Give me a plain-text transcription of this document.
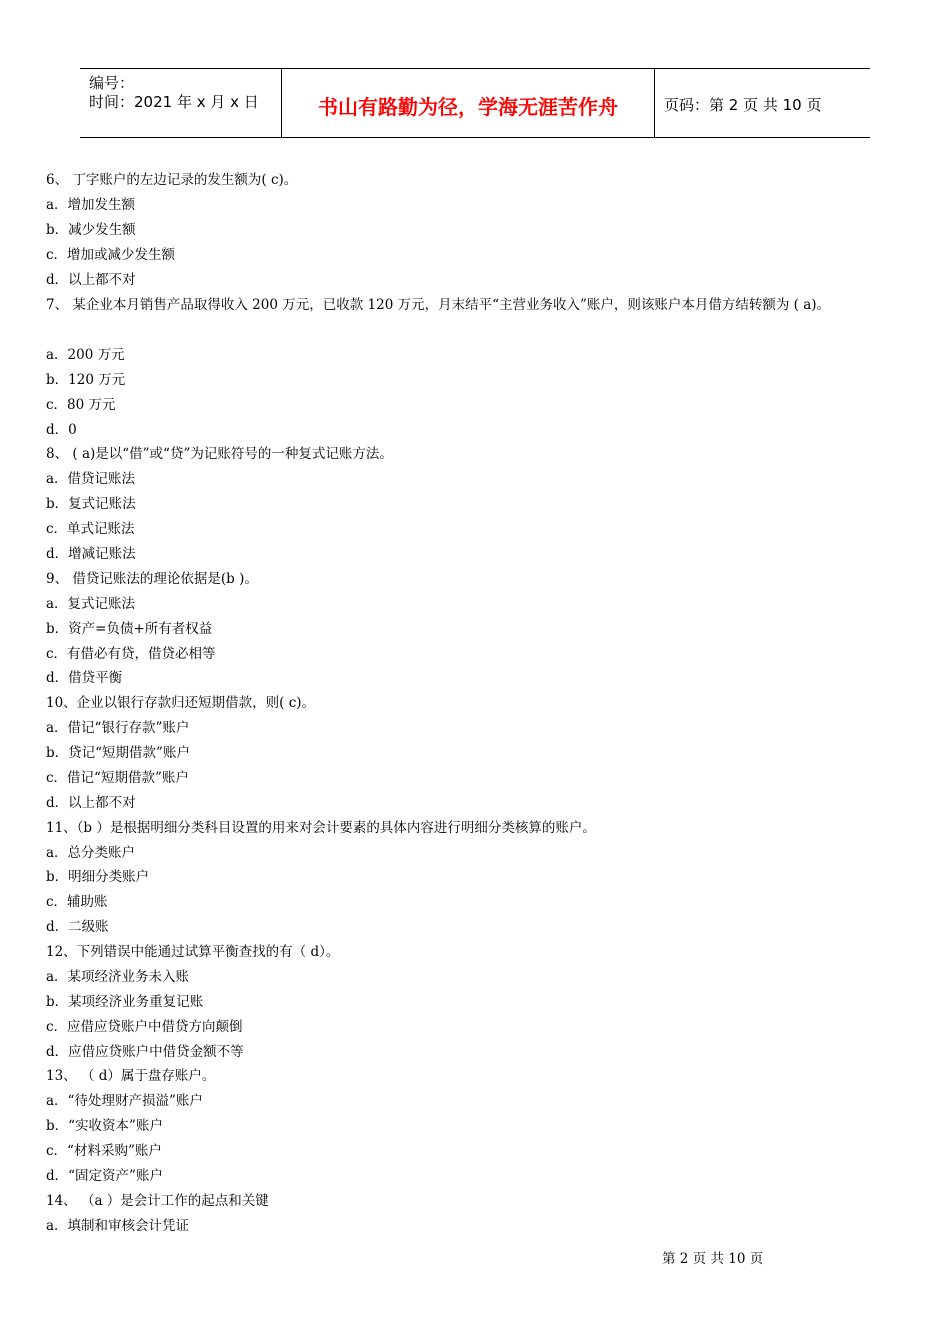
编号：
时间：2021 年 x 月 x 日	书山有路勤为径，学海无涯苦作舟	页码：第 2 页 共 10 页
6、 丁字账户的左边记录的发生额为( c)。
a．增加发生额
b．减少发生额
c．增加或减少发生额
d．以上都不对
7、 某企业本月销售产品取得收入 200 万元，已收款 120 万元，月末结平“主营业务收入”账户，则该账户本月借方结转额为 ( a)。
a．200 万元
b．120 万元
c．80 万元
d．0
8、 ( a)是以“借”或“贷”为记账符号的一种复式记账方法。
a．借贷记账法
b．复式记账法
c．单式记账法
d．增减记账法
9、 借贷记账法的理论依据是(b )。
a．复式记账法
b．资产=负债+所有者权益
c．有借必有贷，借贷必相等
d．借贷平衡
10、企业以银行存款归还短期借款，则( c)。
a．借记“银行存款”账户
b．贷记“短期借款”账户
c．借记“短期借款”账户
d．以上都不对
11、（b ）是根据明细分类科目设置的用来对会计要素的具体内容进行明细分类核算的账户。
a．总分类账户
b．明细分类账户
c．辅助账
d．二级账
12、下列错误中能通过试算平衡查找的有（ d）。
a．某项经济业务未入账
b．某项经济业务重复记账
c．应借应贷账户中借贷方向颠倒
d．应借应贷账户中借贷金额不等
13、 （ d）属于盘存账户。
a．“待处理财产损溢”账户
b．“实收资本”账户
c．“材料采购”账户
d．“固定资产”账户
14、 （a ）是会计工作的起点和关键
a．填制和审核会计凭证
第 2 页 共 10 页
